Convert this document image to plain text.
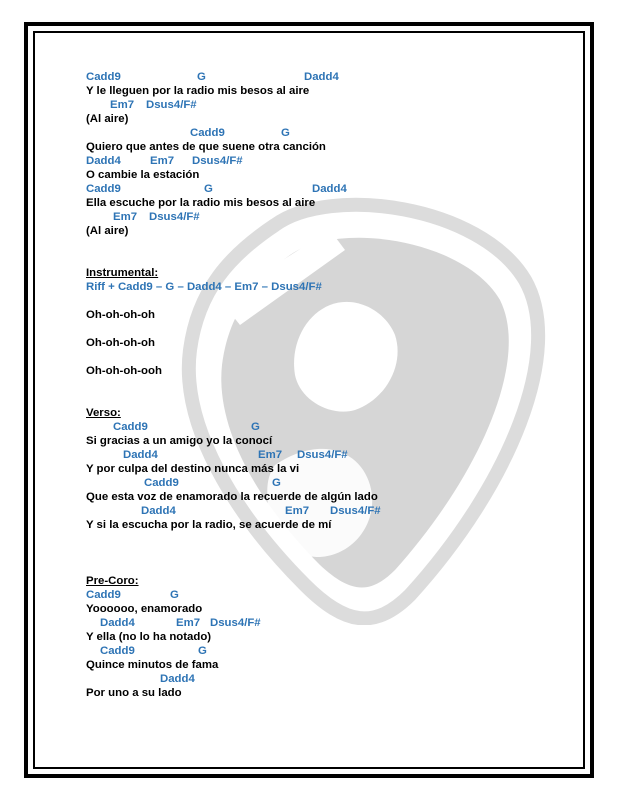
Cadd9

	G

	Dadd4

Y le lleguen por la radio mis besos al aire

Em7

Dsus4/F#

(Al aire)

Cadd9

	G

Quiero que antes de que suene otra canción

Dadd4

	Em7

Dsus4/F#

O cambie la estación

Cadd9

	G

	Dadd4

Ella escuche por la radio mis besos al aire

Em7

Dsus4/F#

(Al aire)
Instrumental:
Riff + Cadd9 – G – Dadd4 – Em7 – Dsus4/F#
Oh-oh-oh-oh
Oh-oh-oh-oh
Oh-oh-oh-ooh
Verso:

Cadd9

	G

Si gracias a un amigo yo la conocí

Dadd4

	Em7

Dsus4/F#

Y por culpa del destino nunca más la vi

Cadd9

	G

Que esta voz de enamorado la recuerde de algún lado

Dadd4

	Em7

Dsus4/F#

Y si la escucha por la radio, se acuerde de mí
Pre-Coro:

Cadd9

	G

Yoooooo, enamorado

Dadd4

	Em7

Dsus4/F#

Y ella (no lo ha notado)

Cadd9

	G

Quince minutos de fama

Dadd4

Por uno a su lado
